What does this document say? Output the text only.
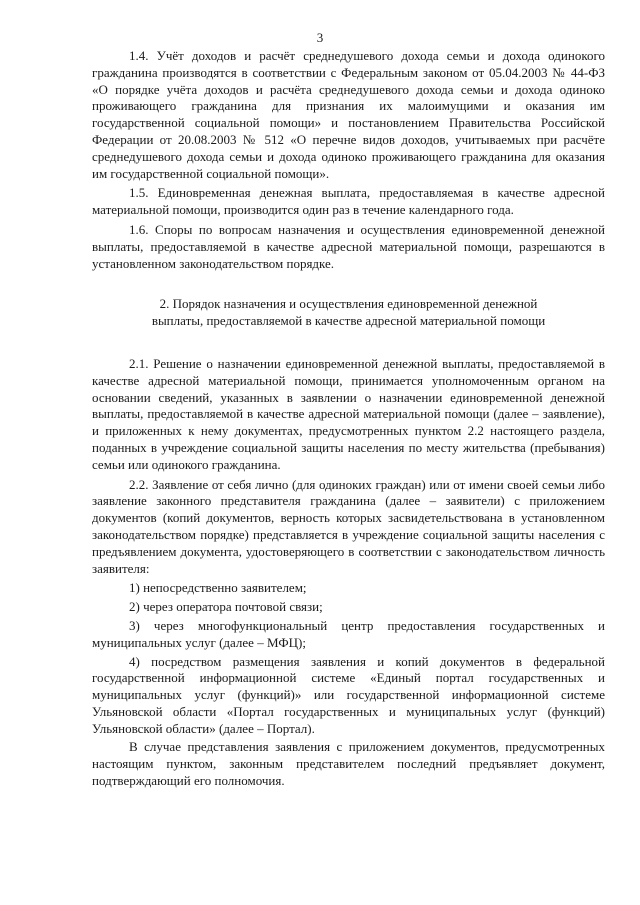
3

1.4. Учёт доходов и расчёт среднедушевого дохода семьи и дохода одинокого гражданина производятся в соответствии с Федеральным законом от 05.04.2003 № 44-ФЗ «О порядке учёта доходов и расчёта среднедушевого дохода семьи и дохода одиноко проживающего гражданина для признания их малоимущими и оказания им государственной социальной помощи» и постановлением Правительства Российской Федерации от 20.08.2003 № 512 «О перечне видов доходов, учитываемых при расчёте среднедушевого дохода семьи и дохода одиноко проживающего гражданина для оказания им государственной социальной помощи».

1.5. Единовременная денежная выплата, предоставляемая в качестве адресной материальной помощи, производится один раз в течение календарного года.

1.6. Споры по вопросам назначения и осуществления единовременной денежной выплаты, предоставляемой в качестве адресной материальной помощи, разрешаются в установленном законодательством порядке.

2. Порядок назначения и осуществления единовременной денежной
выплаты, предоставляемой в качестве адресной материальной помощи

2.1. Решение о назначении единовременной денежной выплаты, предоставляемой в качестве адресной материальной помощи, принимается уполномоченным органом на основании сведений, указанных в заявлении о назначении единовременной денежной выплаты, предоставляемой в качестве адресной материальной помощи (далее – заявление), и приложенных к нему документах, предусмотренных пунктом 2.2 настоящего раздела, поданных в учреждение социальной защиты населения по месту жительства (пребывания) семьи или одинокого гражданина.

2.2. Заявление от себя лично (для одиноких граждан) или от имени своей семьи либо заявление законного представителя гражданина (далее – заявители) с приложением документов (копий документов, верность которых засвидетельствована в установленном законодательством порядке) представляется в учреждение социальной защиты населения с предъявлением документа, удостоверяющего в соответствии с законодательством личность заявителя:

1) непосредственно заявителем;

2) через оператора почтовой связи;

3) через многофункциональный центр предоставления государственных и муниципальных услуг (далее – МФЦ);

4) посредством размещения заявления и копий документов в федеральной государственной информационной системе «Единый портал государственных и муниципальных услуг (функций)» или государственной информационной системе Ульяновской области «Портал государственных и муниципальных услуг (функций) Ульяновской области» (далее – Портал).

В случае представления заявления с приложением документов, предусмотренных настоящим пунктом, законным представителем последний предъявляет документ, подтверждающий его полномочия.
